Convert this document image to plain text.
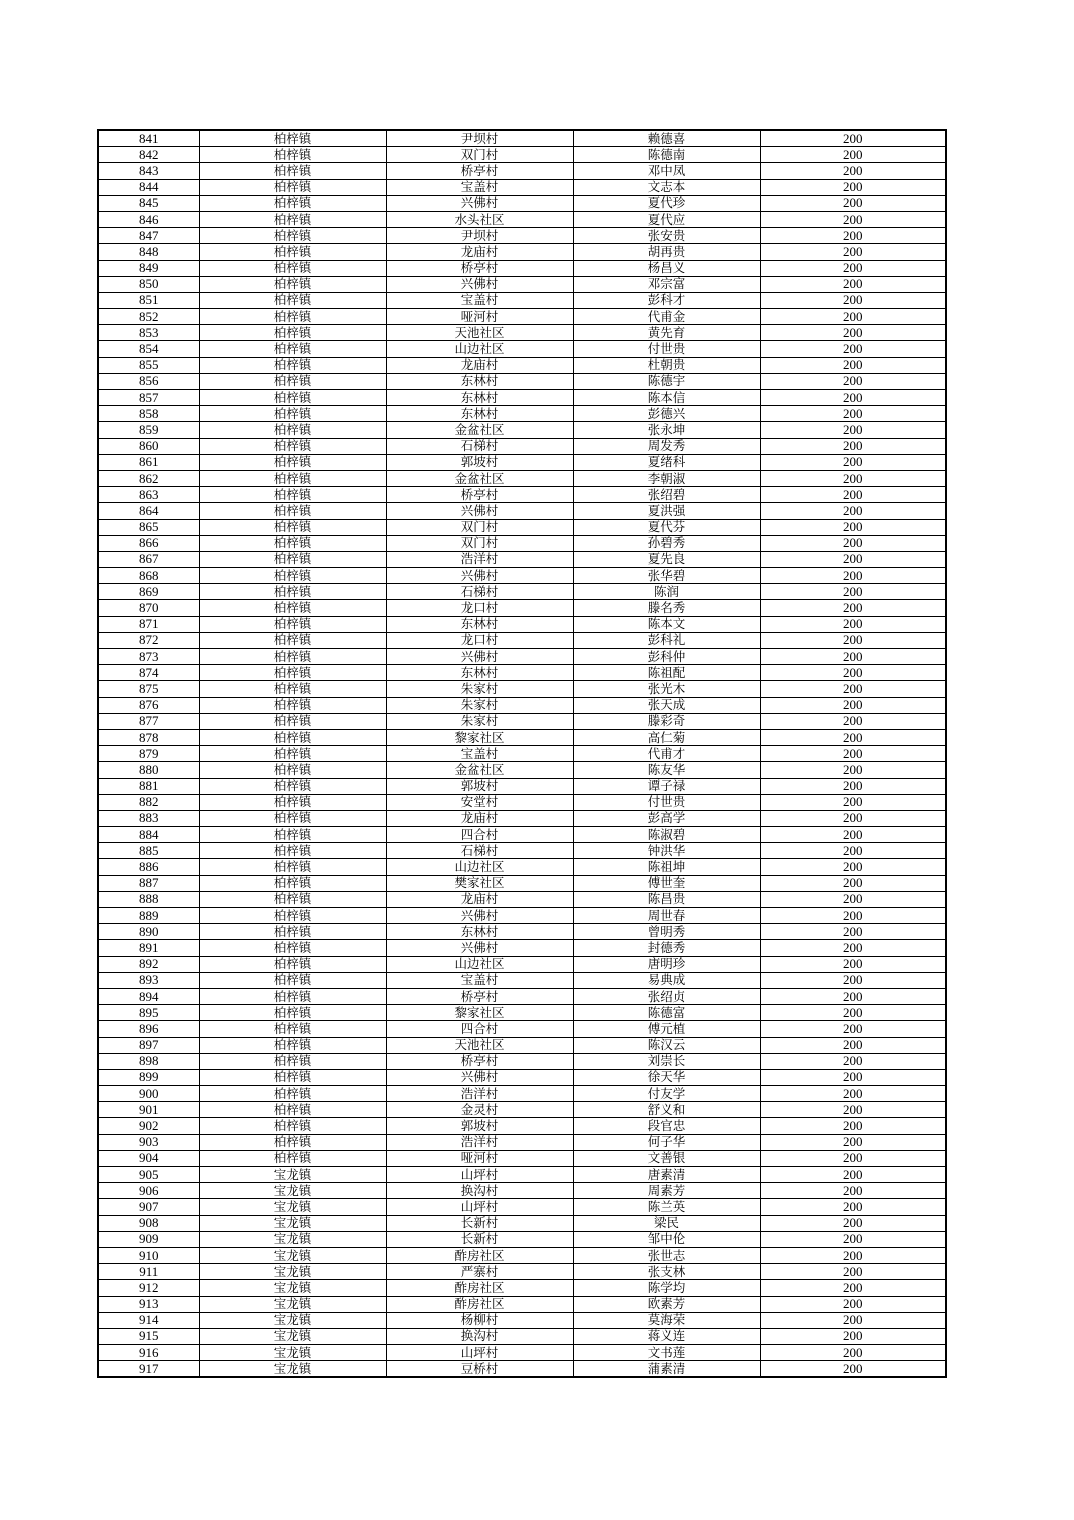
841	柏梓镇	尹坝村	赖德喜	200
842	柏梓镇	双门村	陈德南	200
843	柏梓镇	桥亭村	邓中凤	200
844	柏梓镇	宝盖村	文志本	200
845	柏梓镇	兴佛村	夏代珍	200
846	柏梓镇	水头社区	夏代应	200
847	柏梓镇	尹坝村	张安贵	200
848	柏梓镇	龙庙村	胡再贵	200
849	柏梓镇	桥亭村	杨昌义	200
850	柏梓镇	兴佛村	邓宗富	200
851	柏梓镇	宝盖村	彭科才	200
852	柏梓镇	哑河村	代甫金	200
853	柏梓镇	天池社区	黄先育	200
854	柏梓镇	山边社区	付世贵	200
855	柏梓镇	龙庙村	杜朝贵	200
856	柏梓镇	东林村	陈德宇	200
857	柏梓镇	东林村	陈本信	200
858	柏梓镇	东林村	彭德兴	200
859	柏梓镇	金盆社区	张永坤	200
860	柏梓镇	石梯村	周发秀	200
861	柏梓镇	郭坡村	夏绪科	200
862	柏梓镇	金盆社区	李朝淑	200
863	柏梓镇	桥亭村	张绍碧	200
864	柏梓镇	兴佛村	夏洪强	200
865	柏梓镇	双门村	夏代芬	200
866	柏梓镇	双门村	孙碧秀	200
867	柏梓镇	浩洋村	夏先良	200
868	柏梓镇	兴佛村	张华碧	200
869	柏梓镇	石梯村	陈润	200
870	柏梓镇	龙口村	滕名秀	200
871	柏梓镇	东林村	陈本文	200
872	柏梓镇	龙口村	彭科礼	200
873	柏梓镇	兴佛村	彭科仲	200
874	柏梓镇	东林村	陈祖配	200
875	柏梓镇	朱家村	张光木	200
876	柏梓镇	朱家村	张天成	200
877	柏梓镇	朱家村	滕彩奇	200
878	柏梓镇	黎家社区	高仁菊	200
879	柏梓镇	宝盖村	代甫才	200
880	柏梓镇	金盆社区	陈友华	200
881	柏梓镇	郭坡村	谭子禄	200
882	柏梓镇	安堂村	付世贵	200
883	柏梓镇	龙庙村	彭高学	200
884	柏梓镇	四合村	陈淑碧	200
885	柏梓镇	石梯村	钟洪华	200
886	柏梓镇	山边社区	陈祖坤	200
887	柏梓镇	樊家社区	傅世奎	200
888	柏梓镇	龙庙村	陈昌贵	200
889	柏梓镇	兴佛村	周世春	200
890	柏梓镇	东林村	曾明秀	200
891	柏梓镇	兴佛村	封德秀	200
892	柏梓镇	山边社区	唐明珍	200
893	柏梓镇	宝盖村	易典成	200
894	柏梓镇	桥亭村	张绍贞	200
895	柏梓镇	黎家社区	陈德富	200
896	柏梓镇	四合村	傅元植	200
897	柏梓镇	天池社区	陈汉云	200
898	柏梓镇	桥亭村	刘崇长	200
899	柏梓镇	兴佛村	徐天华	200
900	柏梓镇	浩洋村	付友学	200
901	柏梓镇	金灵村	舒义和	200
902	柏梓镇	郭坡村	段官忠	200
903	柏梓镇	浩洋村	何子华	200
904	柏梓镇	哑河村	文善银	200
905	宝龙镇	山坪村	唐素清	200
906	宝龙镇	换沟村	周素芳	200
907	宝龙镇	山坪村	陈兰英	200
908	宝龙镇	长新村	梁民	200
909	宝龙镇	长新村	邹中伦	200
910	宝龙镇	酢房社区	张世志	200
911	宝龙镇	严寨村	张支林	200
912	宝龙镇	酢房社区	陈学均	200
913	宝龙镇	酢房社区	欧素芳	200
914	宝龙镇	杨柳村	莫海荣	200
915	宝龙镇	换沟村	蒋义连	200
916	宝龙镇	山坪村	文书莲	200
917	宝龙镇	豆桥村	蒲素清	200
